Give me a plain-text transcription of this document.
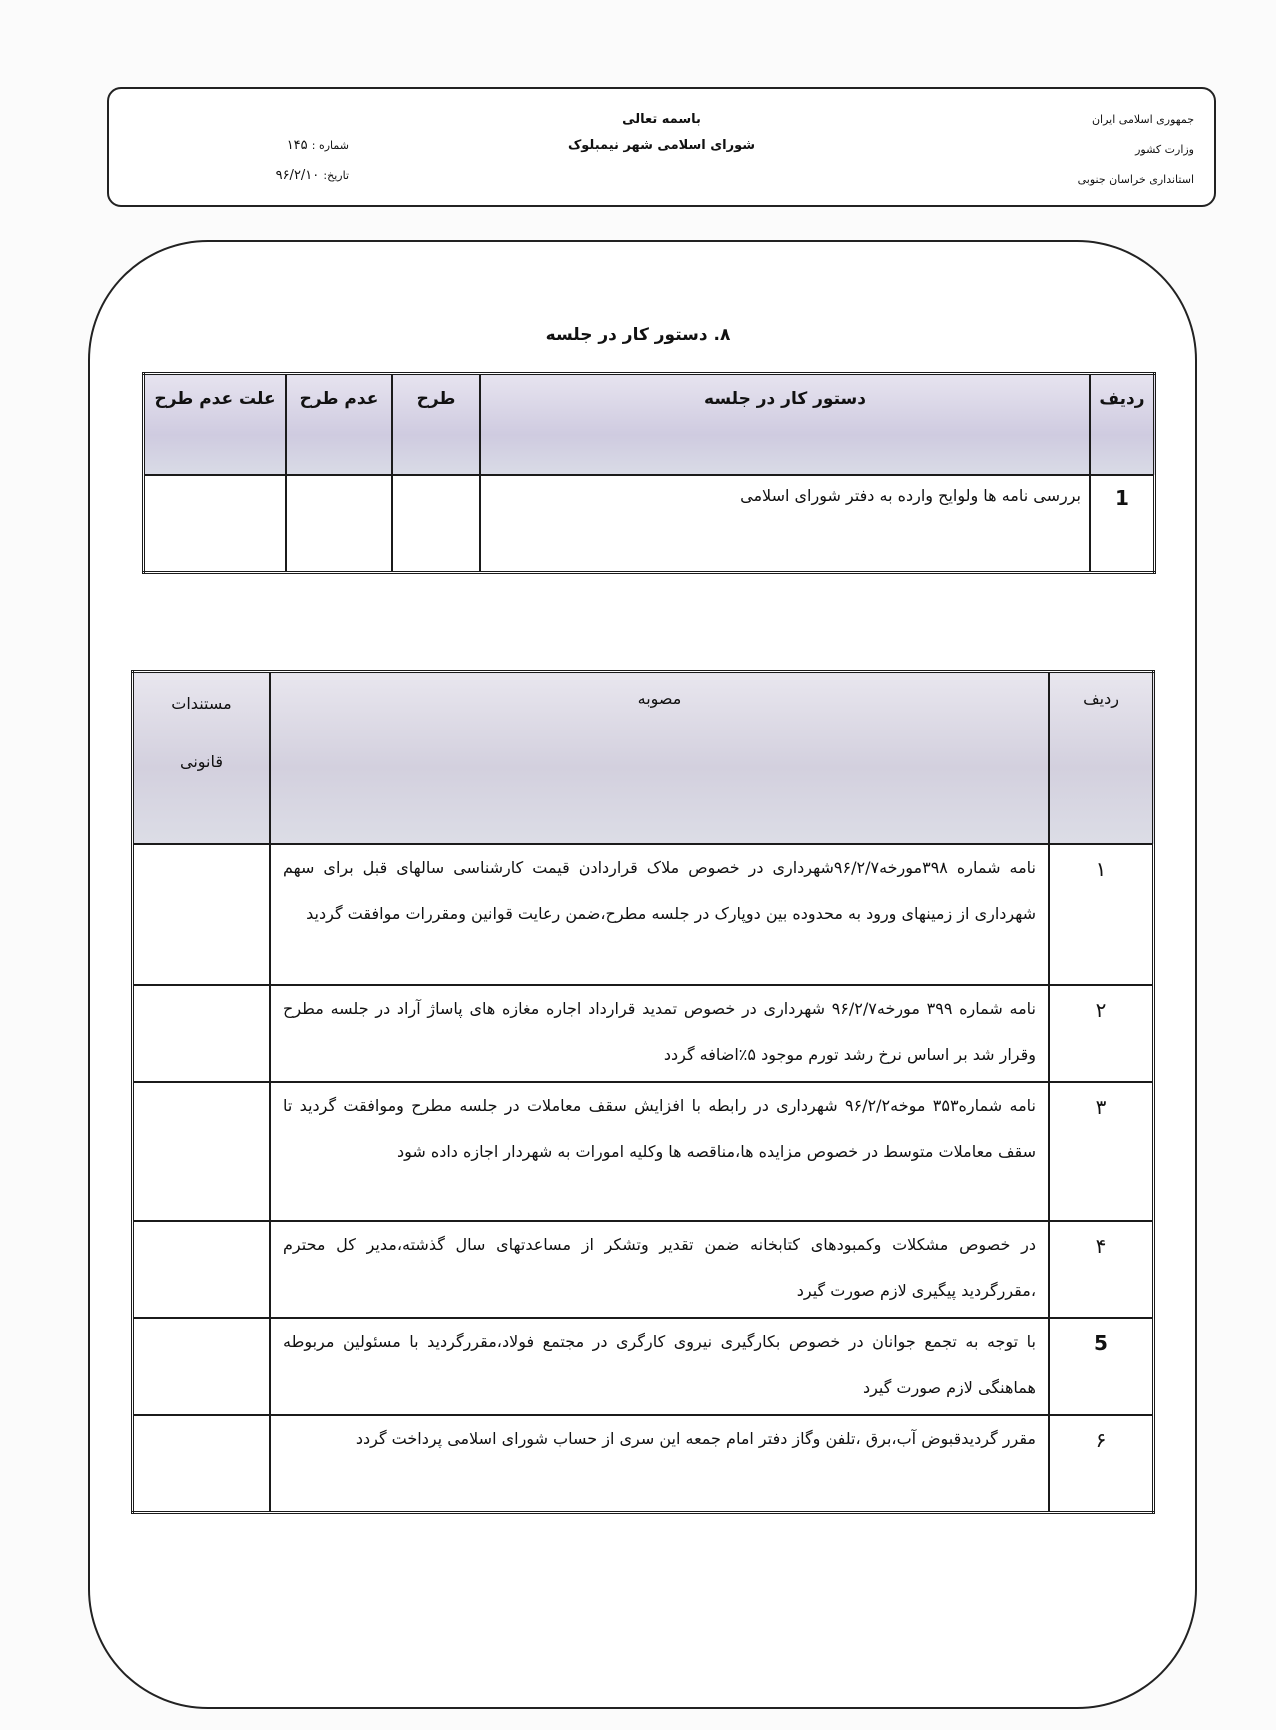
جمهوری اسلامی ایران
وزارت کشور
استانداری خراسان جنوبی
باسمه تعالی
شورای اسلامی شهر نیمبلوک
شماره : ۱۴۵
تاریخ: ۹۶/۲/۱۰
۸. دستور کار در جلسه
ردیف	دستور کار در جلسه	طرح	عدم طرح	علت عدم طرح
1	بررسی نامه ها ولوایح وارده به دفتر شورای اسلامی			
ردیف	مصوبه	مستندات
قانونی

۱	نامه شماره ۳۹۸مورخه۹۶/۲/۷شهرداری در خصوص ملاک قراردادن قیمت کارشناسی سالهای قبل برای سهم شهرداری از زمینهای ورود به محدوده بین دوپارک در جلسه مطرح،ضمن رعایت قوانین ومقررات موافقت گردید	
۲	نامه شماره ۳۹۹ مورخه۹۶/۲/۷ شهرداری در خصوص تمدید قرارداد اجاره مغازه های پاساژ آراد در جلسه مطرح وقرار شد بر اساس نرخ رشد تورم موجود ۵٪اضافه گردد	
۳	نامه شماره۳۵۳ موخه۹۶/۲/۲ شهرداری در رابطه با افزایش سقف معاملات در جلسه مطرح وموافقت گردید تا سقف معاملات متوسط در خصوص مزایده ها،مناقصه ها وکلیه امورات به شهردار اجازه داده شود	
۴	در خصوص مشکلات وکمبودهای کتابخانه ضمن تقدیر وتشکر از مساعدتهای سال گذشته،مدیر کل محترم ،مقررگردید پیگیری لازم صورت گیرد	
5	با توجه به تجمع جوانان در خصوص بکارگیری نیروی کارگری در مجتمع فولاد،مقررگردید با مسئولین مربوطه هماهنگی لازم صورت گیرد	
۶	مقرر گردیدقبوض آب،برق ،تلفن وگاز دفتر امام جمعه این سری از حساب شورای اسلامی پرداخت گردد	
